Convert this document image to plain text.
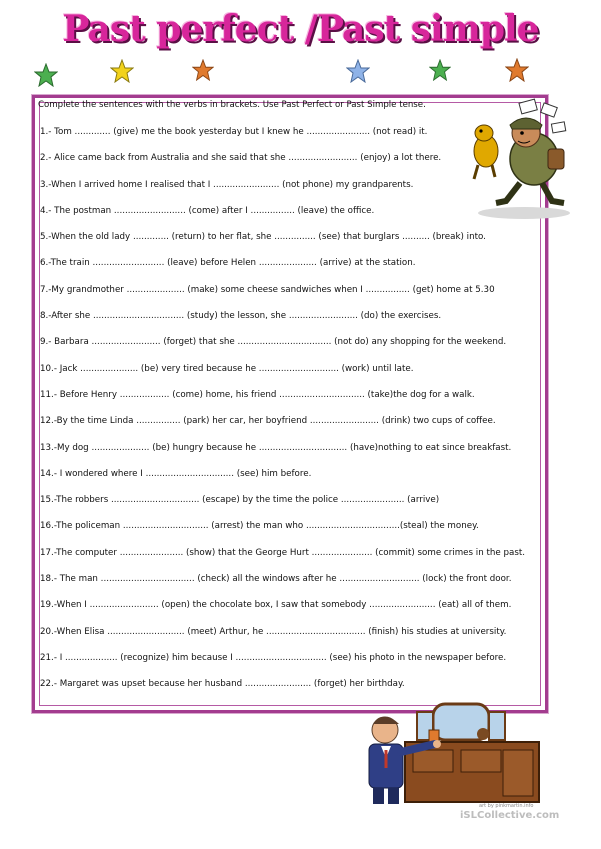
Past perfect /Past simple
Complete the sentences with the verbs in brackets. Use Past Perfect or Past Simple tense.
1.- Tom ............. (give) me the book yesterday but I knew he ....................... (not read) it.
2.- Alice came back from Australia and she said that she ......................... (enjoy) a lot there.
3.-When I arrived home I realised that I ........................ (not phone) my grandparents.
4.- The postman .......................... (come) after I ................ (leave) the office.
5.-When the old lady ............. (return) to her flat, she ............... (see) that burglars .......... (break) into.
6.-The train .......................... (leave) before Helen ..................... (arrive) at the station.
7.-My grandmother ..................... (make) some cheese sandwiches when I ................ (get) home at 5.30
8.-After she ................................. (study) the lesson, she ......................... (do) the exercises.
9.- Barbara ......................... (forget) that she .................................. (not do) any shopping for the weekend.
10.- Jack ..................... (be) very tired because he ............................. (work) until late.
11.- Before Henry .................. (come) home, his friend ............................... (take)the dog for a walk.
12.-By the time Linda ................ (park) her car, her boyfriend ......................... (drink) two cups of coffee.
13.-My dog ..................... (be) hungry because he ................................ (have)nothing to eat since breakfast.
14.- I wondered where I ................................ (see) him before.
15.-The robbers ................................ (escape) by the time the police ....................... (arrive)
16.-The policeman ............................... (arrest) the man who ..................................(steal) the money.
17.-The computer ....................... (show) that the George Hurt ...................... (commit) some crimes in the past.
18.- The man .................................. (check) all the windows after he ............................. (lock) the front door.
19.-When I ......................... (open) the chocolate box, I saw that somebody ........................ (eat) all of them.
20.-When Elisa ............................ (meet) Arthur, he .................................... (finish) his studies at university.
21.- I ................... (recognize) him because I ................................. (see) his photo in the newspaper before.
22.- Margaret was upset because her husband ........................ (forget) her birthday.
art by pinkmartin.info
iSLCollective.com
